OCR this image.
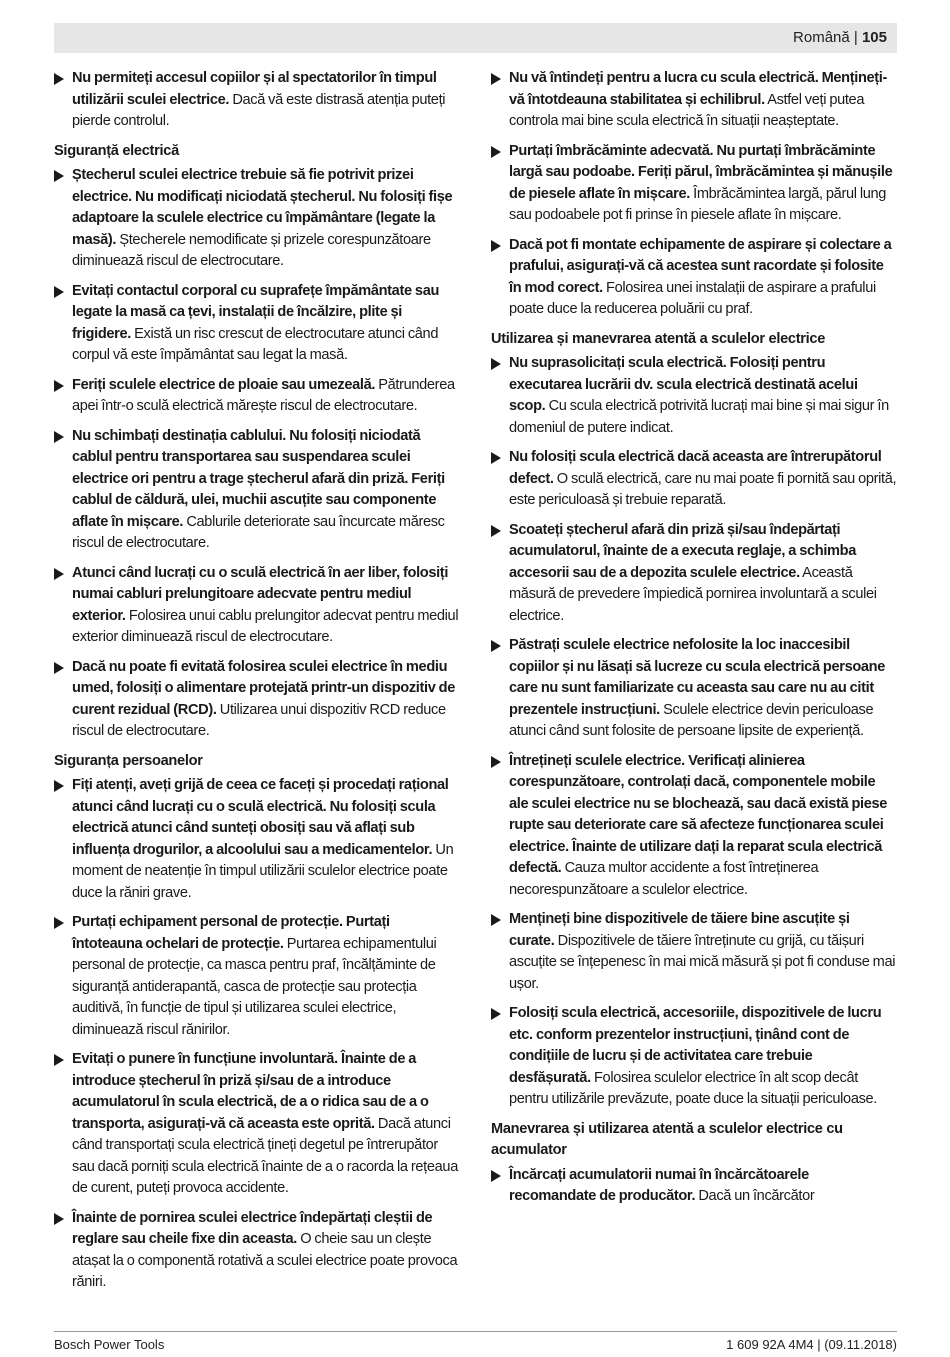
Română | 105
Nu permiteți accesul copiilor și al spectatorilor în timpul utilizării sculei electrice. Dacă vă este distrasă atenția puteți pierde controlul.
Siguranță electrică
Ștecherul sculei electrice trebuie să fie potrivit prizei electrice. Nu modificați niciodată ștecherul. Nu folosiți fișe adaptoare la sculele electrice cu împământare (legate la masă). Ștecherele nemodificate și prizele corespunzătoare diminuează riscul de electrocutare.
Evitați contactul corporal cu suprafețe împământate sau legate la masă ca țevi, instalații de încălzire, plite și frigidere. Există un risc crescut de electrocutare atunci când corpul vă este împământat sau legat la masă.
Feriți sculele electrice de ploaie sau umezeală. Pătrunderea apei într-o sculă electrică mărește riscul de electrocutare.
Nu schimbați destinația cablului. Nu folosiți niciodată cablul pentru transportarea sau suspendarea sculei electrice ori pentru a trage ștecherul afară din priză. Feriți cablul de căldură, ulei, muchii ascuțite sau componente aflate în mișcare. Cablurile deteriorate sau încurcate măresc riscul de electrocutare.
Atunci când lucrați cu o sculă electrică în aer liber, folosiți numai cabluri prelungitoare adecvate pentru mediul exterior. Folosirea unui cablu prelungitor adecvat pentru mediul exterior diminuează riscul de electrocutare.
Dacă nu poate fi evitată folosirea sculei electrice în mediu umed, folosiți o alimentare protejată printr-un dispozitiv de curent rezidual (RCD). Utilizarea unui dispozitiv RCD reduce riscul de electrocutare.
Siguranța persoanelor
Fiți atenți, aveți grijă de ceea ce faceți și procedați rațional atunci când lucrați cu o sculă electrică. Nu folosiți scula electrică atunci când sunteți obosiți sau vă aflați sub influența drogurilor, a alcoolului sau a medicamentelor. Un moment de neatenție în timpul utilizării sculelor electrice poate duce la răniri grave.
Purtați echipament personal de protecție. Purtați întoteauna ochelari de protecție. Purtarea echipamentului personal de protecție, ca masca pentru praf, încălțăminte de siguranță antiderapantă, casca de protecție sau protecția auditivă, în funcție de tipul și utilizarea sculei electrice, diminuează riscul rănirilor.
Evitați o punere în funcțiune involuntară. Înainte de a introduce ștecherul în priză și/sau de a introduce acumulatorul în scula electrică, de a o ridica sau de a o transporta, asigurați-vă că aceasta este oprită. Dacă atunci când transportați scula electrică țineți degetul pe întrerupător sau dacă porniți scula electrică înainte de a o racorda la rețeaua de curent, puteți provoca accidente.
Înainte de pornirea sculei electrice îndepărtați cleștii de reglare sau cheile fixe din aceasta. O cheie sau un clește atașat la o componentă rotativă a sculei electrice poate provoca răniri.
Nu vă întindeți pentru a lucra cu scula electrică. Mențineți-vă întotdeauna stabilitatea și echilibrul. Astfel veți putea controla mai bine scula electrică în situații neașteptate.
Purtați îmbrăcăminte adecvată. Nu purtați îmbrăcăminte largă sau podoabe. Feriți părul, îmbrăcămintea și mănușile de piesele aflate în mișcare. Îmbrăcămintea largă, părul lung sau podoabele pot fi prinse în piesele aflate în mișcare.
Dacă pot fi montate echipamente de aspirare și colectare a prafului, asigurați-vă că acestea sunt racordate și folosite în mod corect. Folosirea unei instalații de aspirare a prafului poate duce la reducerea poluării cu praf.
Utilizarea și manevrarea atentă a sculelor electrice
Nu suprasolicitați scula electrică. Folosiți pentru executarea lucrării dv. scula electrică destinată acelui scop. Cu scula electrică potrivită lucrați mai bine și mai sigur în domeniul de putere indicat.
Nu folosiți scula electrică dacă aceasta are întrerupătorul defect. O sculă electrică, care nu mai poate fi pornită sau oprită, este periculoasă și trebuie reparată.
Scoateți ștecherul afară din priză și/sau îndepărtați acumulatorul, înainte de a executa reglaje, a schimba accesorii sau de a depozita sculele electrice. Această măsură de prevedere împiedică pornirea involuntară a sculei electrice.
Păstrați sculele electrice nefolosite la loc inaccesibil copiilor și nu lăsați să lucreze cu scula electrică persoane care nu sunt familiarizate cu aceasta sau care nu au citit prezentele instrucțiuni. Sculele electrice devin periculoase atunci când sunt folosite de persoane lipsite de experiență.
Întrețineți sculele electrice. Verificați alinierea corespunzătoare, controlați dacă, componentele mobile ale sculei electrice nu se blochează, sau dacă există piese rupte sau deteriorate care să afecteze funcționarea sculei electrice. Înainte de utilizare dați la reparat scula electrică defectă. Cauza multor accidente a fost întreținerea necorespunzătoare a sculelor electrice.
Mențineți bine dispozitivele de tăiere bine ascuțite și curate. Dispozitivele de tăiere întreținute cu grijă, cu tăișuri ascuțite se înțepenesc în mai mică măsură și pot fi conduse mai ușor.
Folosiți scula electrică, accesoriile, dispozitivele de lucru etc. conform prezentelor instrucțiuni, ținând cont de condițiile de lucru și de activitatea care trebuie desfășurată. Folosirea sculelor electrice în alt scop decât pentru utilizările prevăzute, poate duce la situații periculoase.
Manevrarea și utilizarea atentă a sculelor electrice cu acumulator
Încărcați acumulatorii numai în încărcătoarele recomandate de producător. Dacă un încărcător
Bosch Power Tools	1 609 92A 4M4 | (09.11.2018)
